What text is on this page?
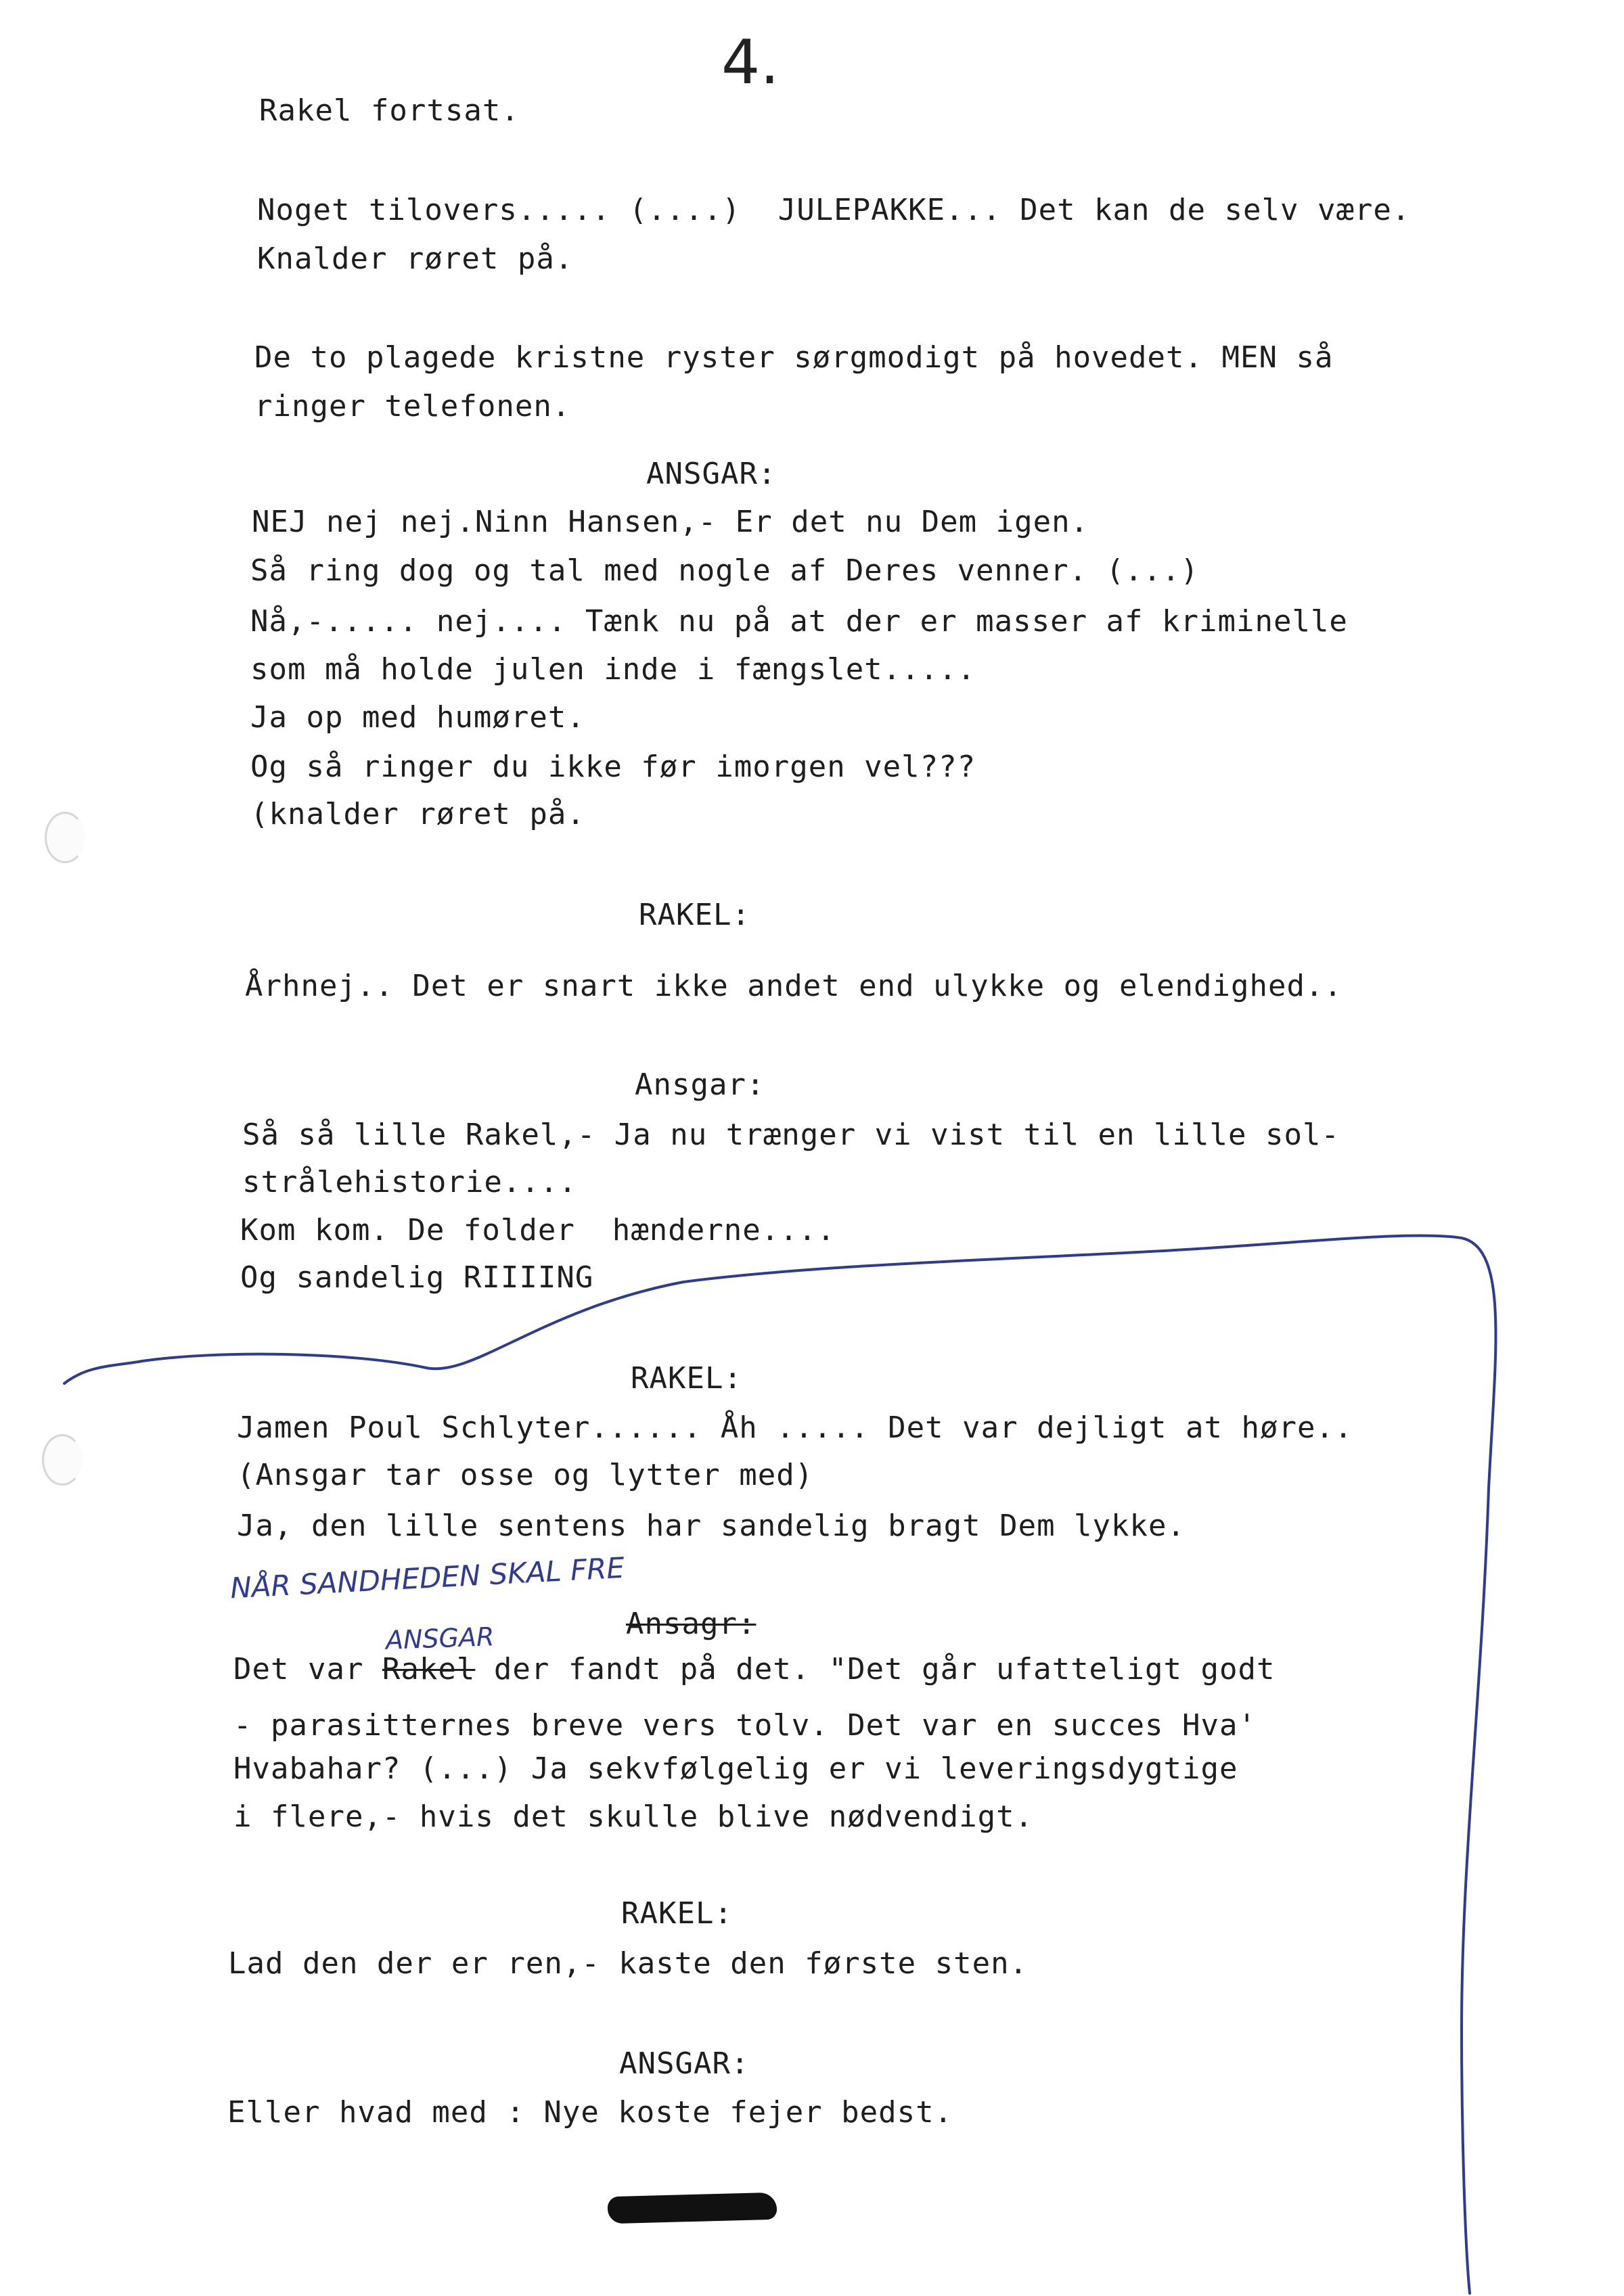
4.
Rakel fortsat.
Noget tilovers..... (....)  JULEPAKKE... Det kan de selv være.
Knalder røret på.
De to plagede kristne ryster sørgmodigt på hovedet. MEN så
ringer telefonen.
ANSGAR:
NEJ nej nej.Ninn Hansen,- Er det nu Dem igen.
Så ring dog og tal med nogle af Deres venner. (...)
Nå,-..... nej.... Tænk nu på at der er masser af kriminelle
som må holde julen inde i fængslet.....
Ja op med humøret.
Og så ringer du ikke før imorgen vel???
(knalder røret på.
RAKEL:
Århnej.. Det er snart ikke andet end ulykke og elendighed..
Ansgar:
Så så lille Rakel,- Ja nu trænger vi vist til en lille sol-
strålehistorie....
Kom kom. De folder  hænderne....
Og sandelig RIIIING
RAKEL:
Jamen Poul Schlyter...... Åh ..... Det var dejligt at høre..
(Ansgar tar osse og lytter med)
Ja, den lille sentens har sandelig bragt Dem lykke.
NÅR SANDHEDEN SKAL FRE
Ansagr:
ANSGAR
Det var Rakel der fandt på det. "Det går ufatteligt godt
- parasitternes breve vers tolv. Det var en succes Hva'
Hvabahar? (...) Ja sekvfølgelig er vi leveringsdygtige
i flere,- hvis det skulle blive nødvendigt.
RAKEL:
Lad den der er ren,- kaste den første sten.
ANSGAR:
Eller hvad med : Nye koste fejer bedst.
